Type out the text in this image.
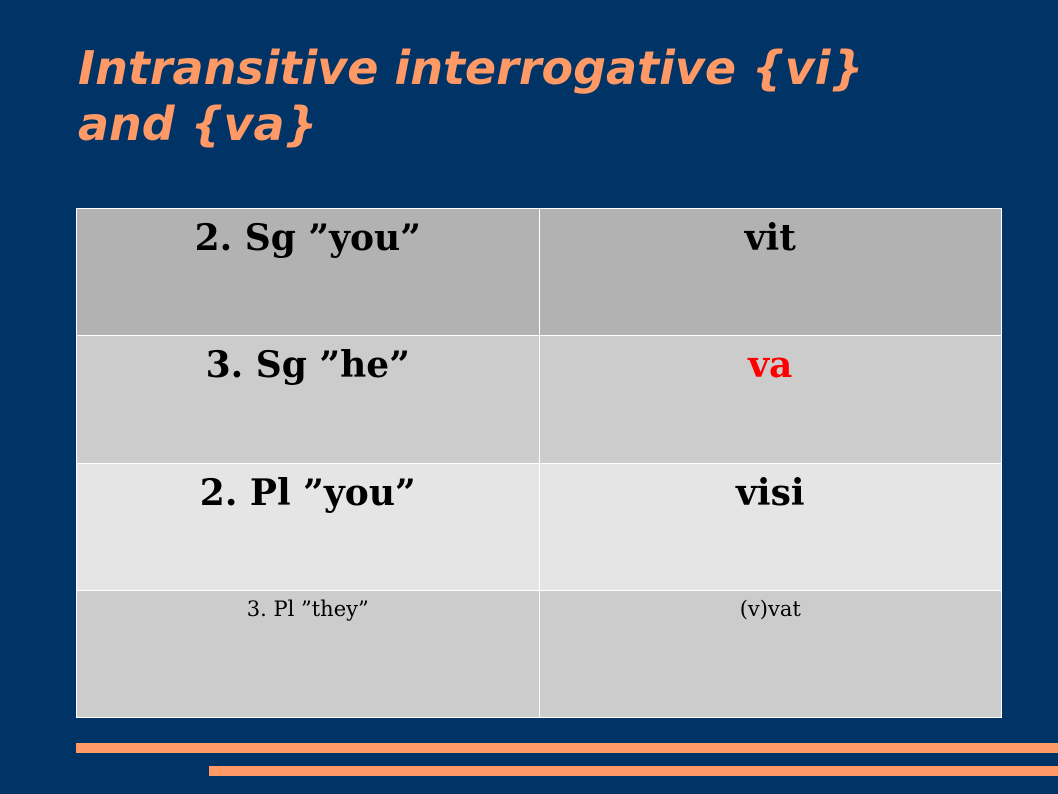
Intransitive interrogative {vi}
and {va}
2. Sg ”you”	vit
3. Sg ”he”	va
2. Pl ”you”	visi
3. Pl ”they”	(v)vat
